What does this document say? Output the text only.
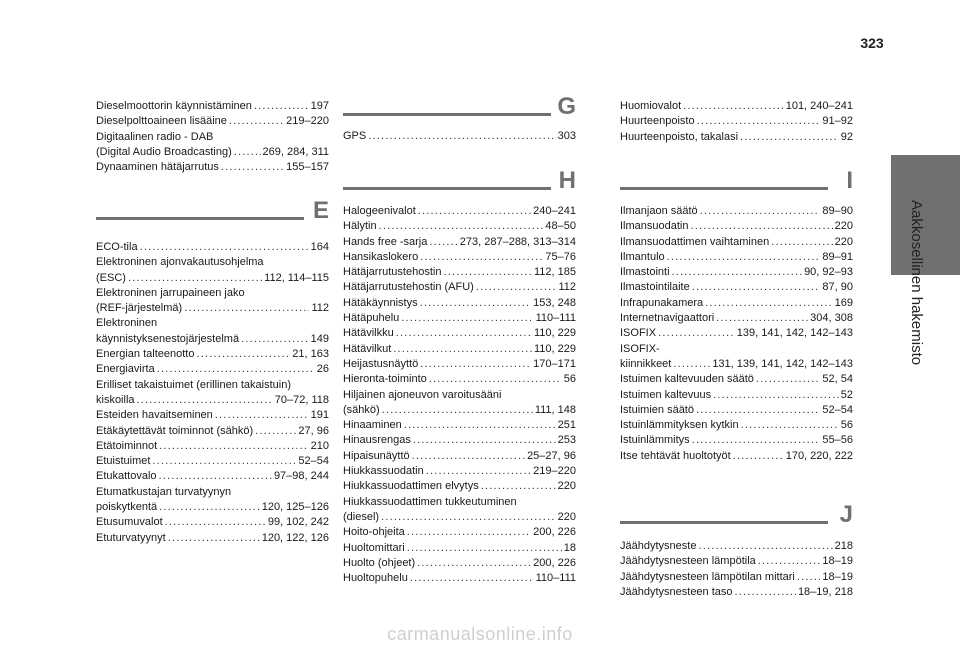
323
Aakkosellinen hakemisto
Dieselmoottorin käynnistäminen .....	197
Dieselpolttoaineen lisääine .....	219–220
Digitaalinen radio - DAB
(Digital Audio Broadcasting) .....	269, 284, 311
Dynaaminen hätäjarrutus .....	155–157
E
ECO-tila .....	164
Elektroninen ajonvakautusohjelma
(ESC) .....	112, 114–115
Elektroninen jarrupaineen jako
(REF-järjestelmä) .....	112
Elektroninen
käynnistyksenestojärjestelmä .....	149
Energian talteenotto .....	21, 163
Energiavirta .....	26
Erilliset takaistuimet (erillinen takaistuin)
kiskoilla .....	70–72, 118
Esteiden havaitseminen .....	191
Etäkäytettävät toiminnot (sähkö) .....	27, 96
Etätoiminnot .....	210
Etuistuimet .....	52–54
Etukattovalo .....	97–98, 244
Etumatkustajan turvatyynyn
poiskytkentä .....	120, 125–126
Etusumuvalot .....	99, 102, 242
Etuturvatyynyt .....	120, 122, 126
G
GPS .....	303
H
Halogeenivalot .....	240–241
Hälytin .....	48–50
Hands free -sarja .....	273, 287–288, 313–314
Hansikaslokero .....	75–76
Hätäjarrutustehostin .....	112, 185
Hätäjarrutustehostin (AFU) .....	112
Hätäkäynnistys .....	153, 248
Hätäpuhelu .....	110–111
Hätävilkku .....	110, 229
Hätävilkut .....	110, 229
Heijastusnäyttö .....	170–171
Hieronta-toiminto .....	56
Hiljainen ajoneuvon varoitusääni
(sähkö) .....	111, 148
Hinaaminen .....	251
Hinausrengas .....	253
Hipaisunäyttö .....	25–27, 96
Hiukkassuodatin .....	219–220
Hiukkassuodattimen elvytys .....	220
Hiukkassuodattimen tukkeutuminen
(diesel) .....	220
Hoito-ohjeita .....	200, 226
Huoltomittari .....	18
Huolto (ohjeet) .....	200, 226
Huoltopuhelu .....	110–111
Huomiovalot .....	101, 240–241
Huurteenpoisto .....	91–92
Huurteenpoisto, takalasi .....	92
I
Ilmanjaon säätö .....	89–90
Ilmansuodatin .....	220
Ilmansuodattimen vaihtaminen .....	220
Ilmantulo .....	89–91
Ilmastointi .....	90, 92–93
Ilmastointilaite .....	87, 90
Infrapunakamera .....	169
Internetnavigaattori .....	304, 308
ISOFIX .....	139, 141, 142, 142–143
ISOFIX-
kiinnikkeet .....	131, 139, 141, 142, 142–143
Istuimen kaltevuuden säätö .....	52, 54
Istuimen kaltevuus .....	52
Istuimien säätö .....	52–54
Istuinlämmityksen kytkin .....	56
Istuinlämmitys .....	55–56
Itse tehtävät huoltotyöt .....	170, 220, 222
J
Jäähdytysneste .....	218
Jäähdytysnesteen lämpötila .....	18–19
Jäähdytysnesteen lämpötilan mittari .....	18–19
Jäähdytysnesteen taso .....	18–19, 218
carmanualsonline.info
